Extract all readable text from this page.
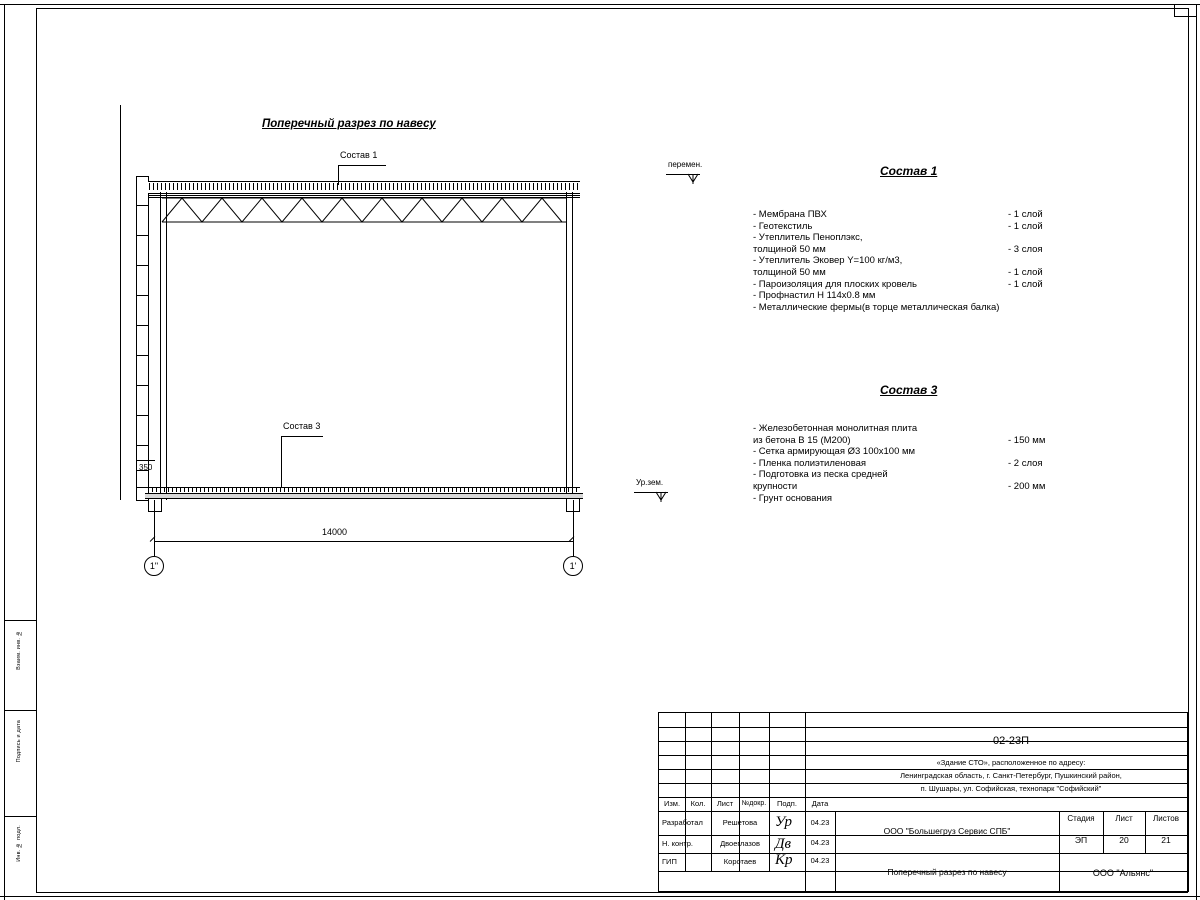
Взаим. инв. №
Подпись и дата
Инв. № подл.
Поперечный разрез по навесу
Состав 1
Состав 3
перемен.
Ур.зем.
350
14000
1"	1'
Состав 1
- Мембрана ПВХ	- 1 слой
- Геотекстиль	- 1 слой
- Утеплитель Пеноплэкс,
толщиной 50 мм	- 3 слоя
- Утеплитель Эковер Y=100 кг/м3,
толщиной 50 мм	- 1 слой
- Пароизоляция для плоских кровель	- 1 слой
- Профнастил Н 114х0.8 мм
- Металлические фермы(в торце металлическая балка)
Состав 3
- Железобетонная монолитная плита
из бетона В 15 (М200)	- 150 мм
- Сетка армирующая Ø3 100х100 мм
- Пленка полиэтиленовая	- 2 слоя
- Подготовка из песка средней
крупности	- 200 мм
- Грунт основания
02-23П
«Здание СТО», расположенное по адресу:
Ленинградская область, г. Санкт-Петербург, Пушкинский район,
п. Шушары, ул. Софийская, технопарк "Софийский"
Изм.	Кол.	Лист	№докр.	Подп.	Дата
Разработал	Решетова	Ур	04.23
Н. контр.	Двоеглазов	Дв	04.23
ГИП	Коротаев	Кр	04.23
ООО "Большегруз Сервис СПБ"
Поперечный разрез по навесу
Стадия	Лист	Листов
ЭП	20	21
ООО "Альянс"
